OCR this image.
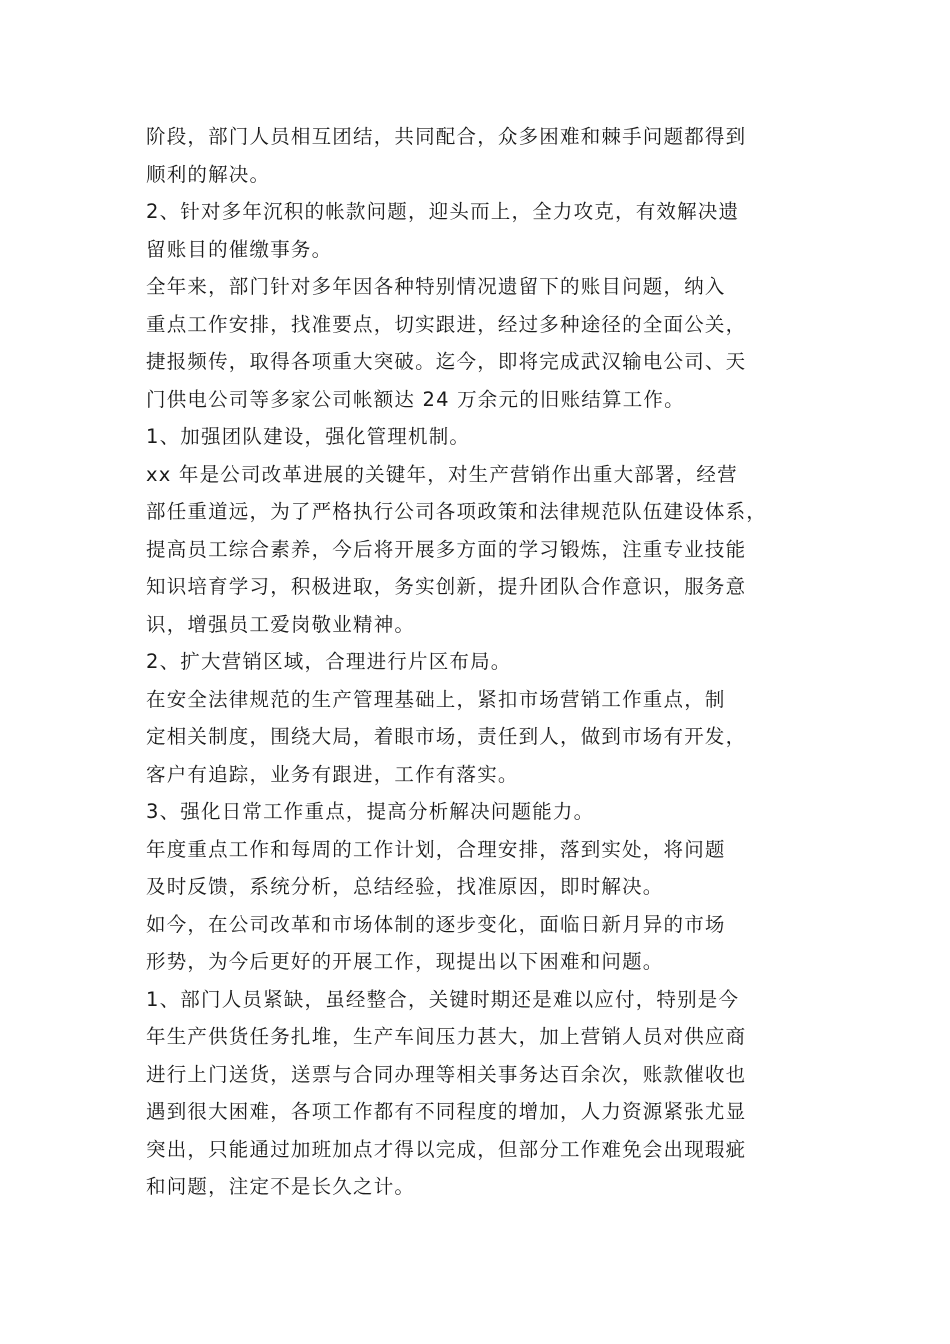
阶段，部门人员相互团结，共同配合，众多困难和棘手问题都得到
顺利的解决。
2、针对多年沉积的帐款问题，迎头而上，全力攻克，有效解决遗
留账目的催缴事务。
全年来，部门针对多年因各种特别情况遗留下的账目问题，纳入
重点工作安排，找准要点，切实跟进，经过多种途径的全面公关，
捷报频传，取得各项重大突破。迄今，即将完成武汉输电公司、天
门供电公司等多家公司帐额达 24 万余元的旧账结算工作。
1、加强团队建设，强化管理机制。
xx 年是公司改革进展的关键年，对生产营销作出重大部署，经营
部任重道远，为了严格执行公司各项政策和法律规范队伍建设体系，
提高员工综合素养，今后将开展多方面的学习锻炼，注重专业技能
知识培育学习，积极进取，务实创新，提升团队合作意识，服务意
识，增强员工爱岗敬业精神。
2、扩大营销区域，合理进行片区布局。
在安全法律规范的生产管理基础上，紧扣市场营销工作重点，制
定相关制度，围绕大局，着眼市场，责任到人，做到市场有开发，
客户有追踪，业务有跟进，工作有落实。
3、强化日常工作重点，提高分析解决问题能力。
年度重点工作和每周的工作计划，合理安排，落到实处，将问题
及时反馈，系统分析，总结经验，找准原因，即时解决。
如今，在公司改革和市场体制的逐步变化，面临日新月异的市场
形势，为今后更好的开展工作，现提出以下困难和问题。
1、部门人员紧缺，虽经整合，关键时期还是难以应付，特别是今
年生产供货任务扎堆，生产车间压力甚大，加上营销人员对供应商
进行上门送货，送票与合同办理等相关事务达百余次，账款催收也
遇到很大困难，各项工作都有不同程度的增加，人力资源紧张尤显
突出，只能通过加班加点才得以完成，但部分工作难免会出现瑕疵
和问题，注定不是长久之计。
